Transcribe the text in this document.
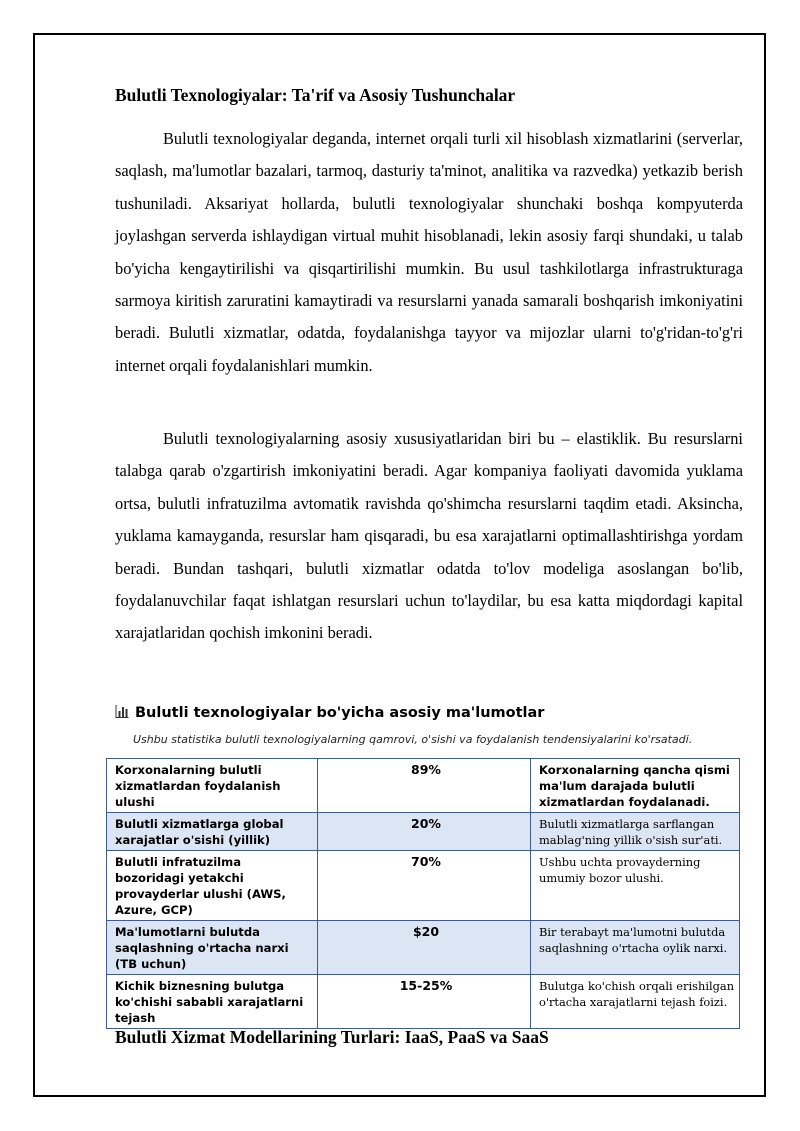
Bulutli Texnologiyalar: Ta'rif va Asosiy Tushunchalar

Bulutli texnologiyalar deganda, internet orqali turli xil hisoblash xizmatlarini (serverlar, saqlash, ma'lumotlar bazalari, tarmoq, dasturiy ta'minot, analitika va razvedka) yetkazib berish tushuniladi. Aksariyat hollarda, bulutli texnologiyalar shunchaki boshqa kompyuterda joylashgan serverda ishlaydigan virtual muhit hisoblanadi, lekin asosiy farqi shundaki, u talab bo'yicha kengaytirilishi va qisqartirilishi mumkin. Bu usul tashkilotlarga infrastrukturaga sarmoya kiritish zaruratini kamaytiradi va resurslarni yanada samarali boshqarish imkoniyatini beradi. Bulutli xizmatlar, odatda, foydalanishga tayyor va mijozlar ularni to'g'ridan-to'g'ri internet orqali foydalanishlari mumkin.

Bulutli texnologiyalarning asosiy xususiyatlaridan biri bu – elastiklik. Bu resurslarni talabga qarab o'zgartirish imkoniyatini beradi. Agar kompaniya faoliyati davomida yuklama ortsa, bulutli infratuzilma avtomatik ravishda qo'shimcha resurslarni taqdim etadi. Aksincha, yuklama kamayganda, resurslar ham qisqaradi, bu esa xarajatlarni optimallashtirishga yordam beradi. Bundan tashqari, bulutli xizmatlar odatda to'lov modeliga asoslangan bo'lib, foydalanuvchilar faqat ishlatgan resurslari uchun to'laydilar, bu esa katta miqdordagi kapital xarajatlaridan qochish imkonini beradi.

Bulutli texnologiyalar bo'yicha asosiy ma'lumotlar
Ushbu statistika bulutli texnologiyalarning qamrovi, o'sishi va foydalanish tendensiyalarini ko'rsatadi.
Korxonalarning bulutli xizmatlardan foydalanish ulushi	89%	Korxonalarning qancha qismi ma'lum darajada bulutli xizmatlardan foydalanadi.
Bulutli xizmatlarga global xarajatlar o'sishi (yillik)	20%	Bulutli xizmatlarga sarflangan mablag'ning yillik o'sish sur'ati.
Bulutli infratuzilma bozoridagi yetakchi provayderlar ulushi (AWS, Azure, GCP)	70%	Ushbu uchta provayderning umumiy bozor ulushi.
Ma'lumotlarni bulutda saqlashning o'rtacha narxi (TB uchun)	$20	Bir terabayt ma'lumotni bulutda saqlashning o'rtacha oylik narxi.
Kichik biznesning bulutga ko'chishi sababli xarajatlarni tejash	15-25%	Bulutga ko'chish orqali erishilgan o'rtacha xarajatlarni tejash foizi.
Bulutli Xizmat Modellarining Turlari: IaaS, PaaS va SaaS
